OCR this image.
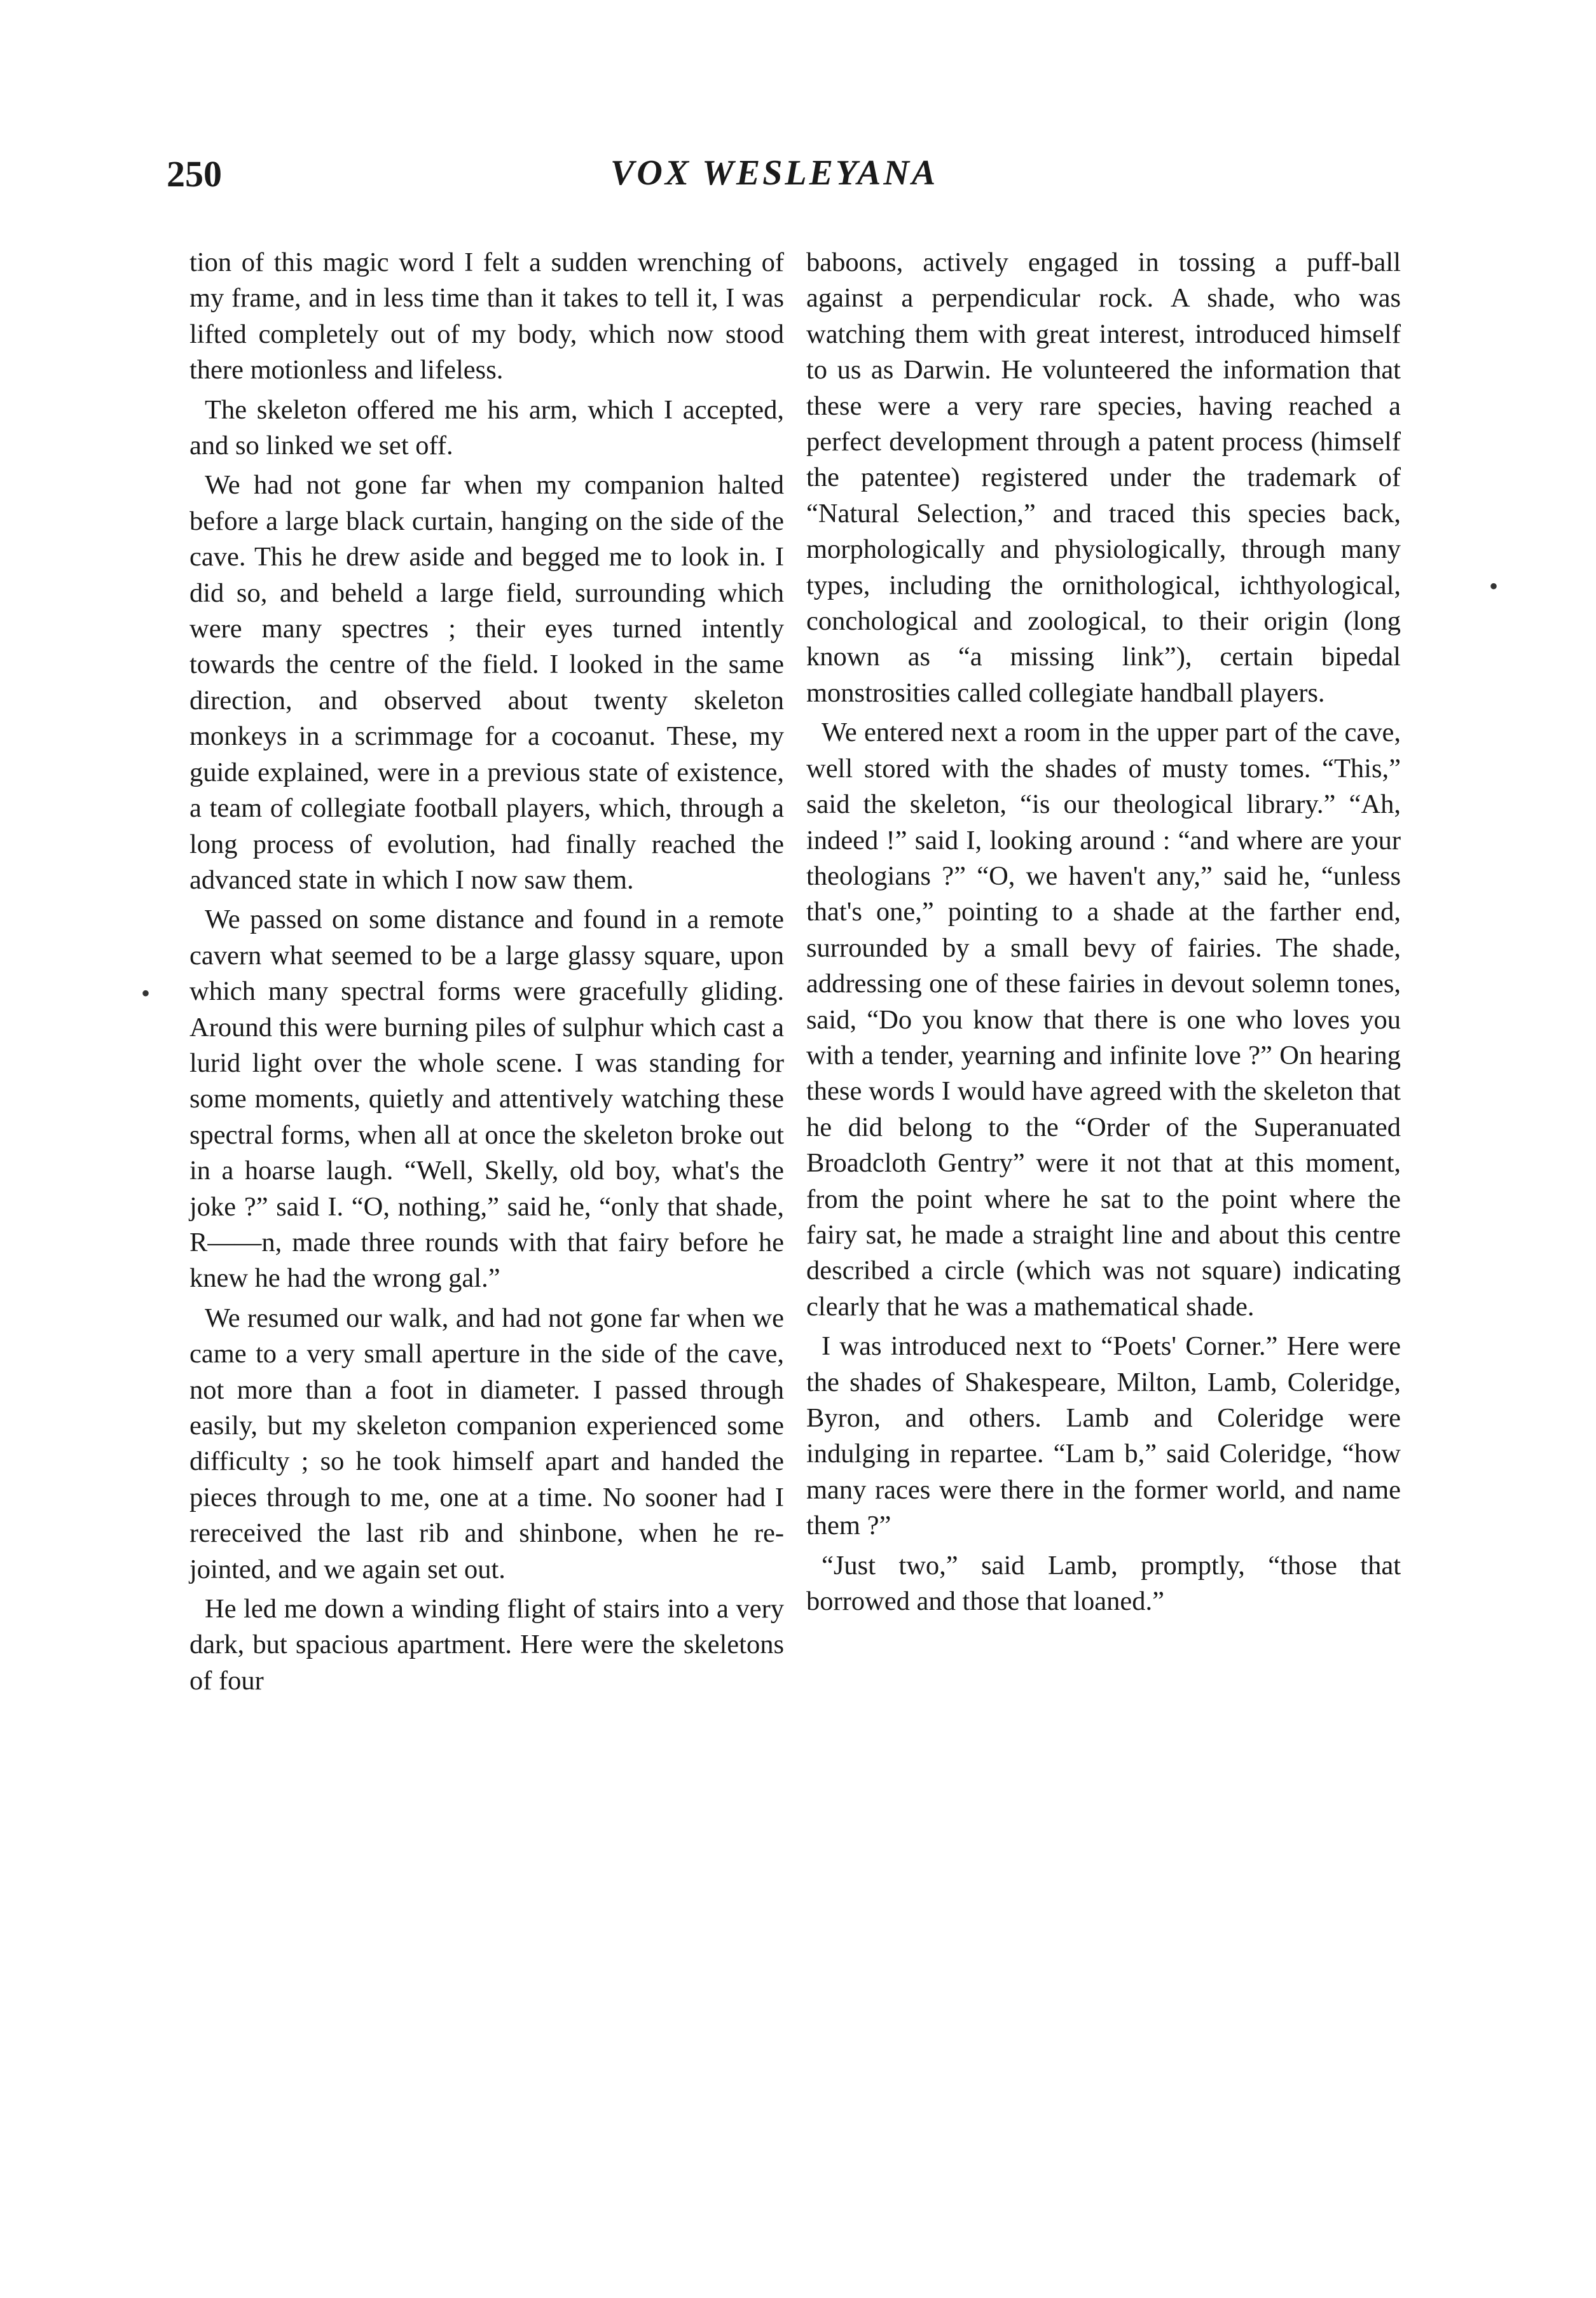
250	VOX WESLEYANA

tion of this magic word I felt a sudden wrenching of my frame, and in less time than it takes to tell it, I was lifted completely out of my body, which now stood there motionless and lifeless.

The skeleton offered me his arm, which I accepted, and so linked we set off.

We had not gone far when my companion halted before a large black curtain, hanging on the side of the cave. This he drew aside and begged me to look in. I did so, and beheld a large field, surrounding which were many spectres ; their eyes turned intently towards the centre of the field. I looked in the same direction, and observed about twenty skeleton monkeys in a scrimmage for a cocoanut. These, my guide explained, were in a previous state of existence, a team of collegiate football players, which, through a long process of evolution, had finally reached the advanced state in which I now saw them.

We passed on some distance and found in a remote cavern what seemed to be a large glassy square, upon which many spectral forms were gracefully gliding. Around this were burning piles of sulphur which cast a lurid light over the whole scene. I was standing for some moments, quietly and attentively watching these spectral forms, when all at once the skeleton broke out in a hoarse laugh. “Well, Skelly, old boy, what's the joke ?” said I. “O, nothing,” said he, “only that shade, R——n, made three rounds with that fairy before he knew he had the wrong gal.”

We resumed our walk, and had not gone far when we came to a very small aperture in the side of the cave, not more than a foot in diameter. I passed through easily, but my skeleton companion experienced some difficulty ; so he took himself apart and handed the pieces through to me, one at a time. No sooner had I rereceived the last rib and shinbone, when he re-jointed, and we again set out.

He led me down a winding flight of stairs into a very dark, but spacious apartment. Here were the skeletons of four

baboons, actively engaged in tossing a puff-ball against a perpendicular rock. A shade, who was watching them with great interest, introduced himself to us as Darwin. He volunteered the information that these were a very rare species, having reached a perfect development through a patent process (himself the patentee) registered under the trademark of “Natural Selection,” and traced this species back, morphologically and physiologically, through many types, including the ornithological, ichthyological, conchological and zoological, to their origin (long known as “a missing link”), certain bipedal monstrosities called collegiate handball players.

We entered next a room in the upper part of the cave, well stored with the shades of musty tomes. “This,” said the skeleton, “is our theological library.” “Ah, indeed !” said I, looking around : “and where are your theologians ?” “O, we haven't any,” said he, “unless that's one,” pointing to a shade at the farther end, surrounded by a small bevy of fairies. The shade, addressing one of these fairies in devout solemn tones, said, “Do you know that there is one who loves you with a tender, yearning and infinite love ?” On hearing these words I would have agreed with the skeleton that he did belong to the “Order of the Superanuated Broadcloth Gentry” were it not that at this moment, from the point where he sat to the point where the fairy sat, he made a straight line and about this centre described a circle (which was not square) indicating clearly that he was a mathematical shade.

I was introduced next to “Poets' Corner.” Here were the shades of Shakespeare, Milton, Lamb, Coleridge, Byron, and others. Lamb and Coleridge were indulging in repartee. “Lam b,” said Coleridge, “how many races were there in the former world, and name them ?”

“Just two,” said Lamb, promptly, “those that borrowed and those that loaned.”

•
•
